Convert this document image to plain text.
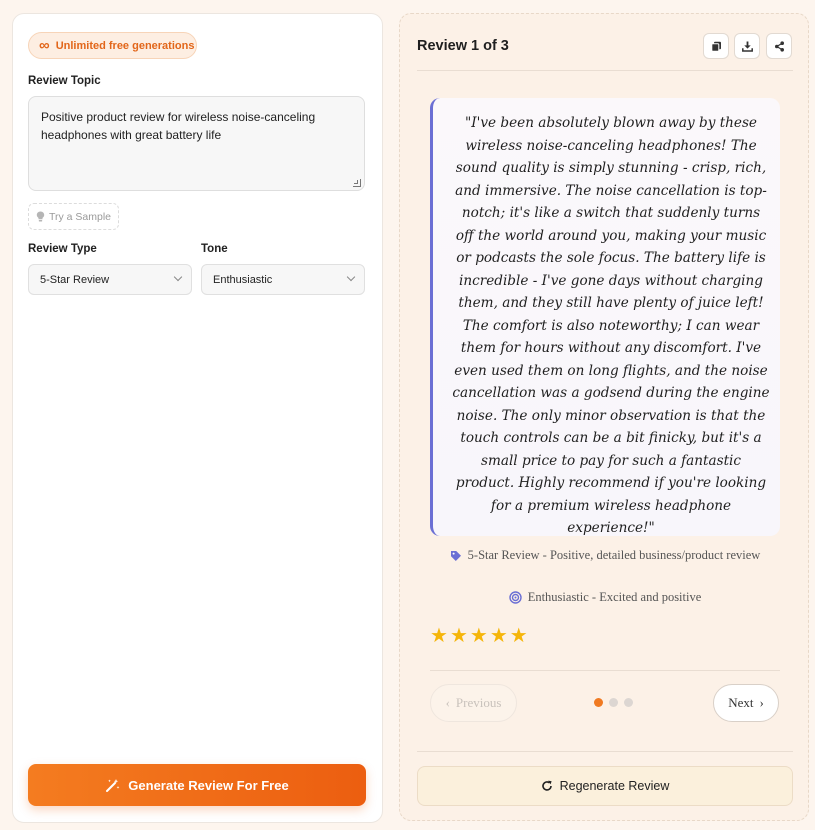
∞ Unlimited free generations
Review Topic
Positive product review for wireless noise-canceling headphones with great battery life
Try a Sample
Review Type
5-Star Review
Tone
Enthusiastic
Generate Review For Free
Review 1 of 3

"I've been absolutely blown away by these wireless noise-canceling headphones! The sound quality is simply stunning - crisp, rich, and immersive. The noise cancellation is top-notch; it's like a switch that suddenly turns off the world around you, making your music or podcasts the sole focus. The battery life is incredible - I've gone days without charging them, and they still have plenty of juice left! The comfort is also noteworthy; I can wear them for hours without any discomfort. I've even used them on long flights, and the noise cancellation was a godsend during the engine noise. The only minor observation is that the touch controls can be a bit finicky, but it's a small price to pay for such a fantastic product. Highly recommend if you're looking for a premium wireless headphone experience!"

5-Star Review - Positive, detailed business/product review
Enthusiastic - Excited and positive
★ ★ ★ ★ ★
‹ Previous	Next ›
Regenerate Review
